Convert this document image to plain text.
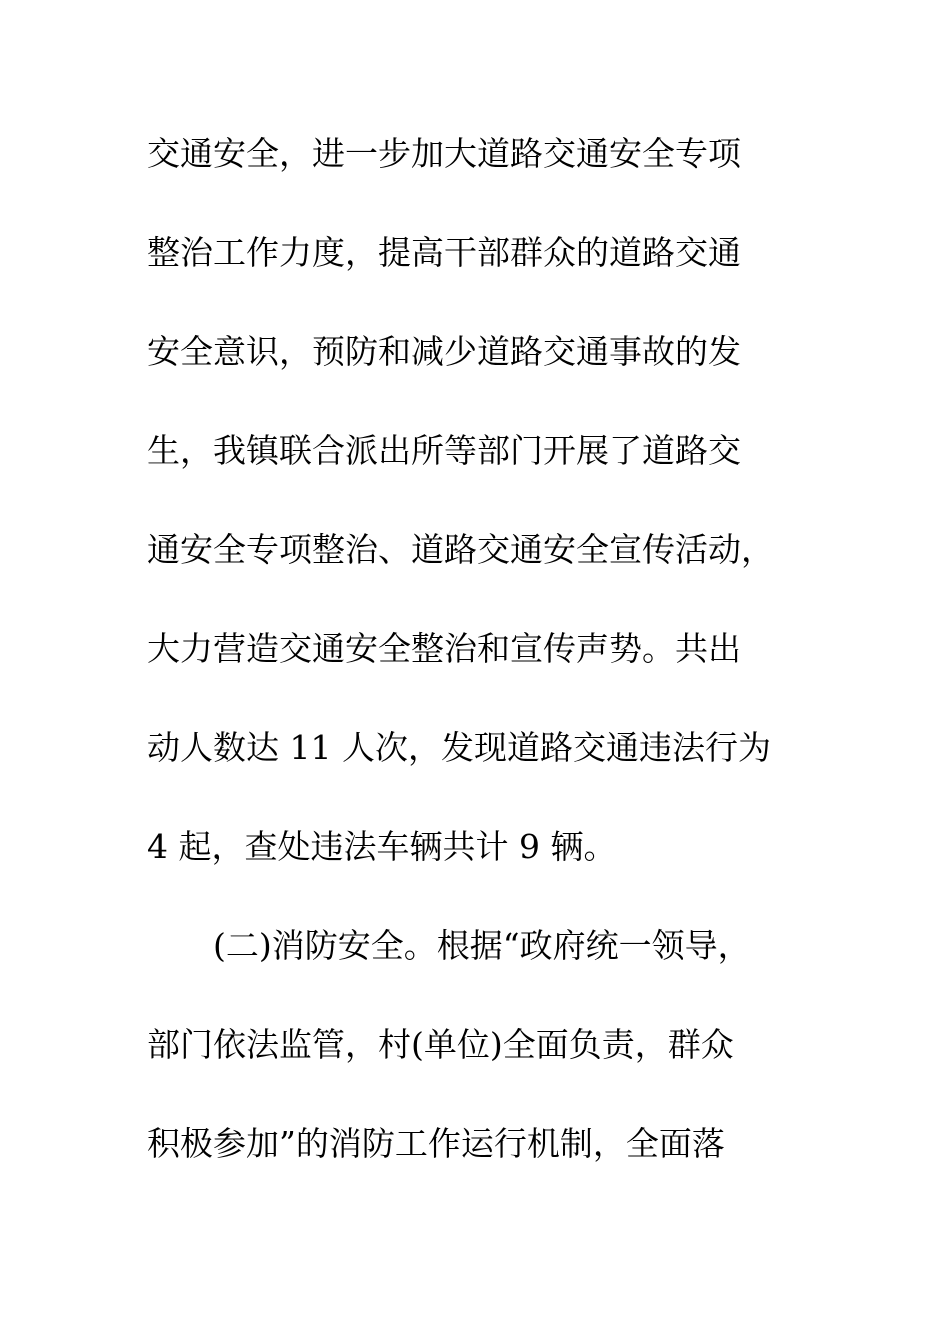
交通安全，进一步加大道路交通安全专项
整治工作力度，提高干部群众的道路交通
安全意识，预防和减少道路交通事故的发
生，我镇联合派出所等部门开展了道路交
通安全专项整治、道路交通安全宣传活动，
大力营造交通安全整治和宣传声势。共出
动人数达 11 人次，发现道路交通违法行为
4 起，查处违法车辆共计 9 辆。
(二)消防安全。根据“政府统一领导，
部门依法监管，村(单位)全面负责，群众
积极参加”的消防工作运行机制，全面落
